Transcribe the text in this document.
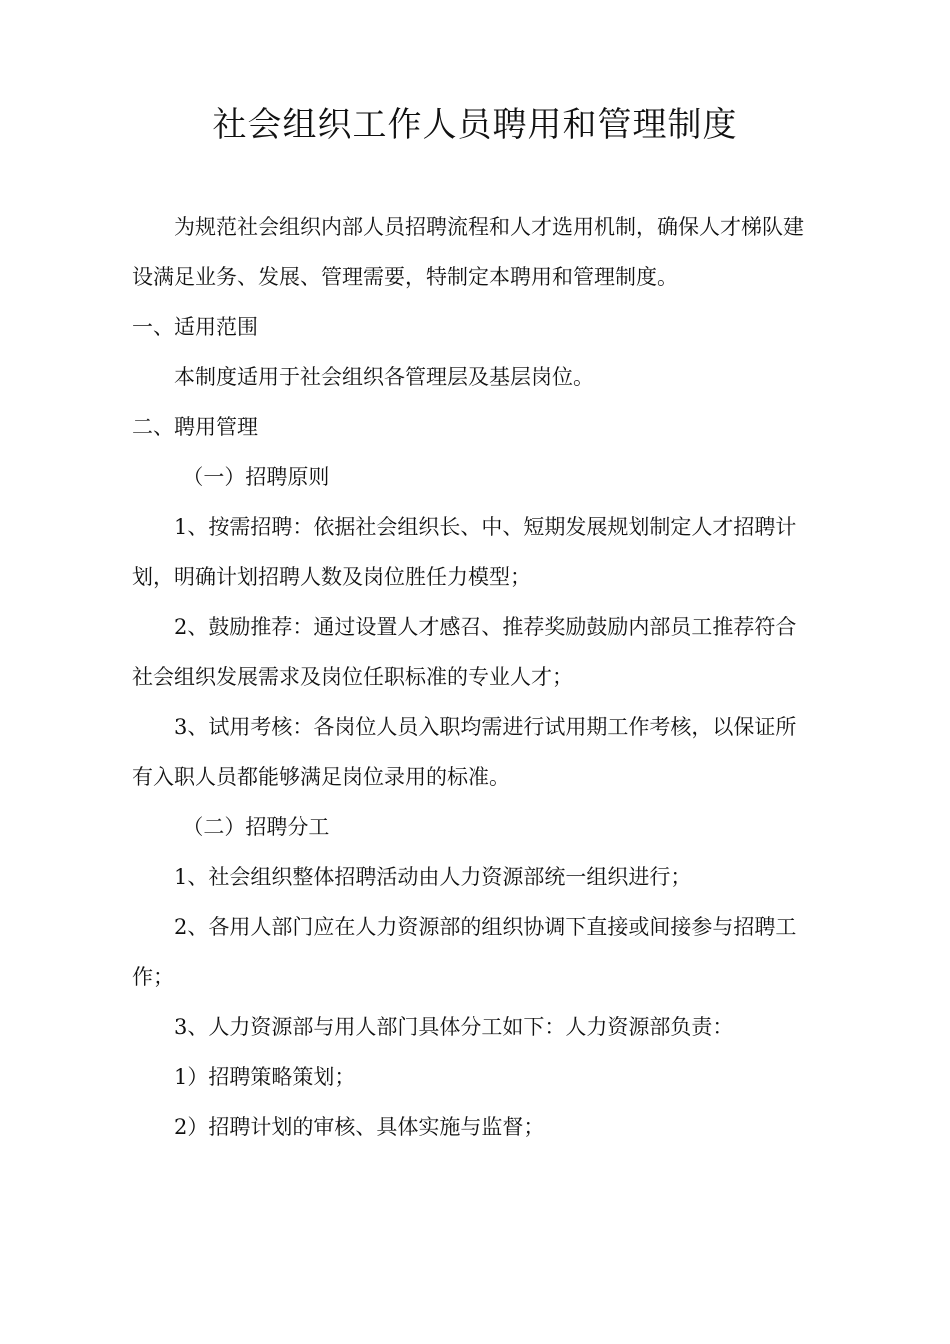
社会组织工作人员聘用和管理制度

为规范社会组织内部人员招聘流程和人才选用机制，确保人才梯队建设满足业务、发展、管理需要，特制定本聘用和管理制度。

一、适用范围

本制度适用于社会组织各管理层及基层岗位。

二、聘用管理

（一）招聘原则

1、按需招聘：依据社会组织长、中、短期发展规划制定人才招聘计划，明确计划招聘人数及岗位胜任力模型；

2、鼓励推荐：通过设置人才感召、推荐奖励鼓励内部员工推荐符合社会组织发展需求及岗位任职标准的专业人才；

3、试用考核：各岗位人员入职均需进行试用期工作考核，以保证所有入职人员都能够满足岗位录用的标准。

（二）招聘分工

1、社会组织整体招聘活动由人力资源部统一组织进行；

2、各用人部门应在人力资源部的组织协调下直接或间接参与招聘工作；

3、人力资源部与用人部门具体分工如下：人力资源部负责：

1）招聘策略策划；

2）招聘计划的审核、具体实施与监督；
